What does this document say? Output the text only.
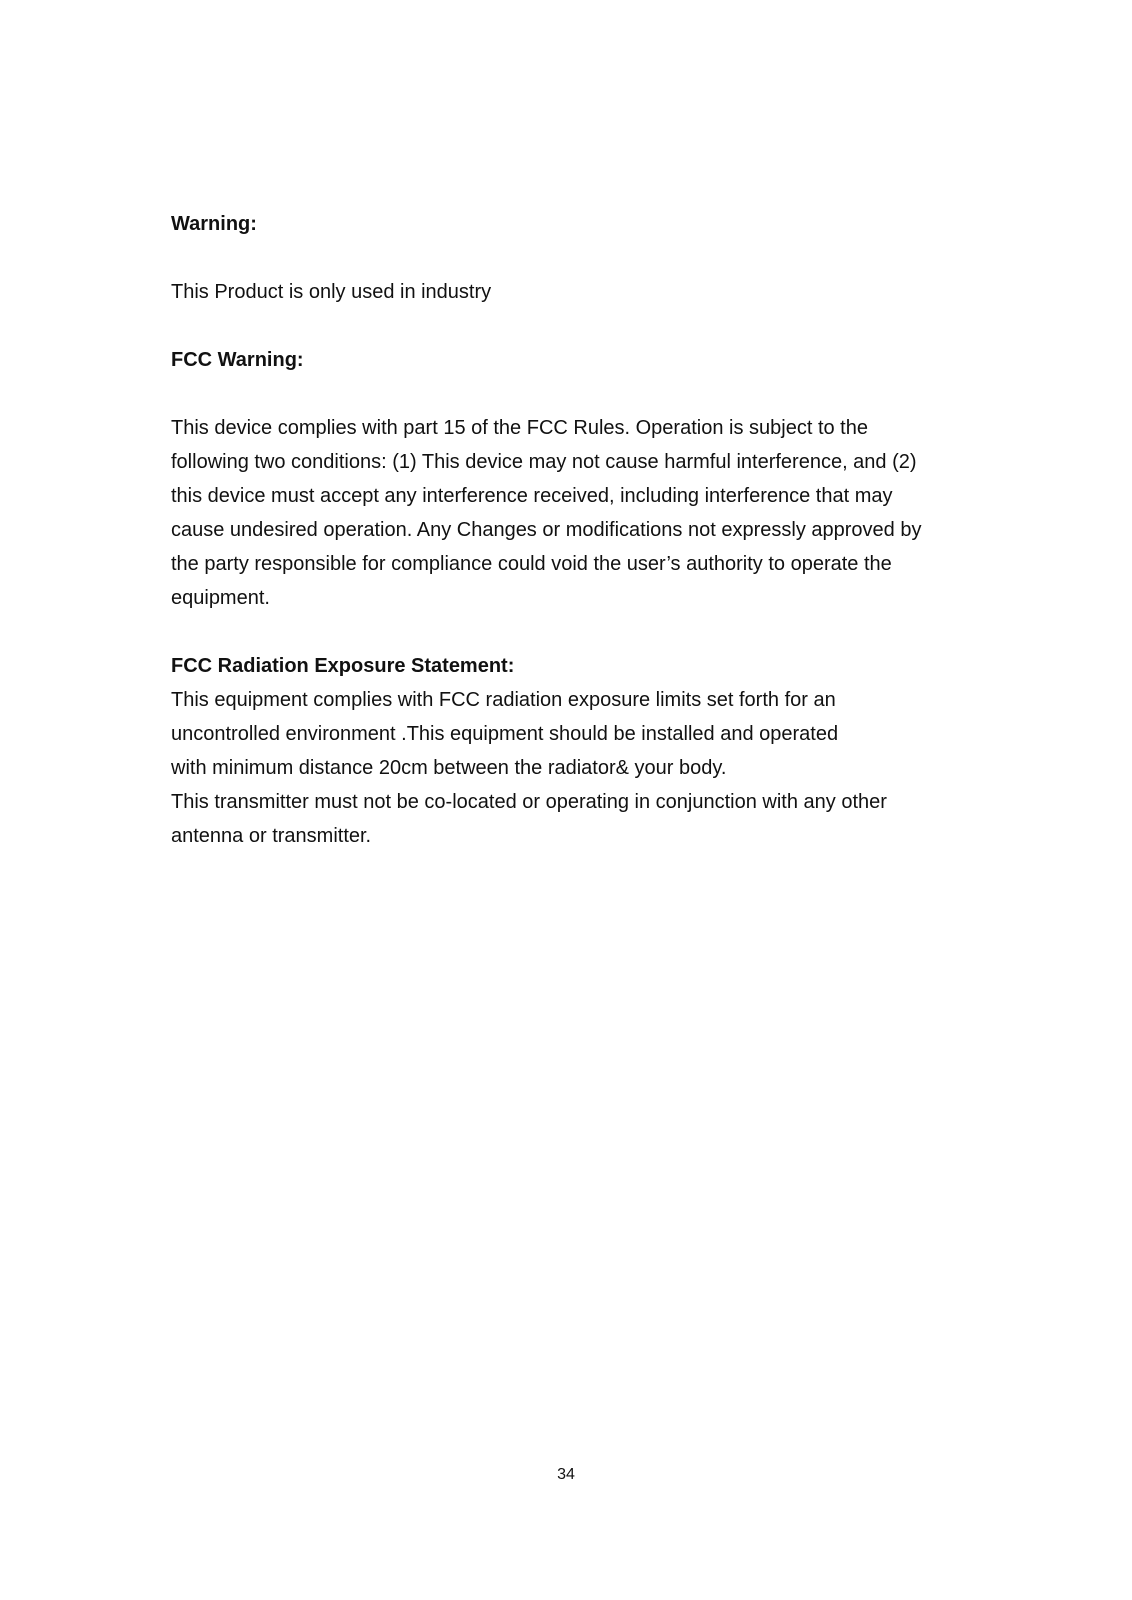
Warning:
This Product is only used in industry
FCC Warning:
This device complies with part 15 of the FCC Rules. Operation is subject to the
following two conditions: (1) This device may not cause harmful interference, and (2)
this device must accept any interference received, including interference that may
cause undesired operation. Any Changes or modifications not expressly approved by
the party responsible for compliance could void the user’s authority to operate the
equipment.
FCC Radiation Exposure Statement:
This equipment complies with FCC radiation exposure limits set forth for an
uncontrolled environment .This equipment should be installed and operated
with minimum distance 20cm between the radiator& your body.
This transmitter must not be co-located or operating in conjunction with any other
antenna or transmitter.
34
